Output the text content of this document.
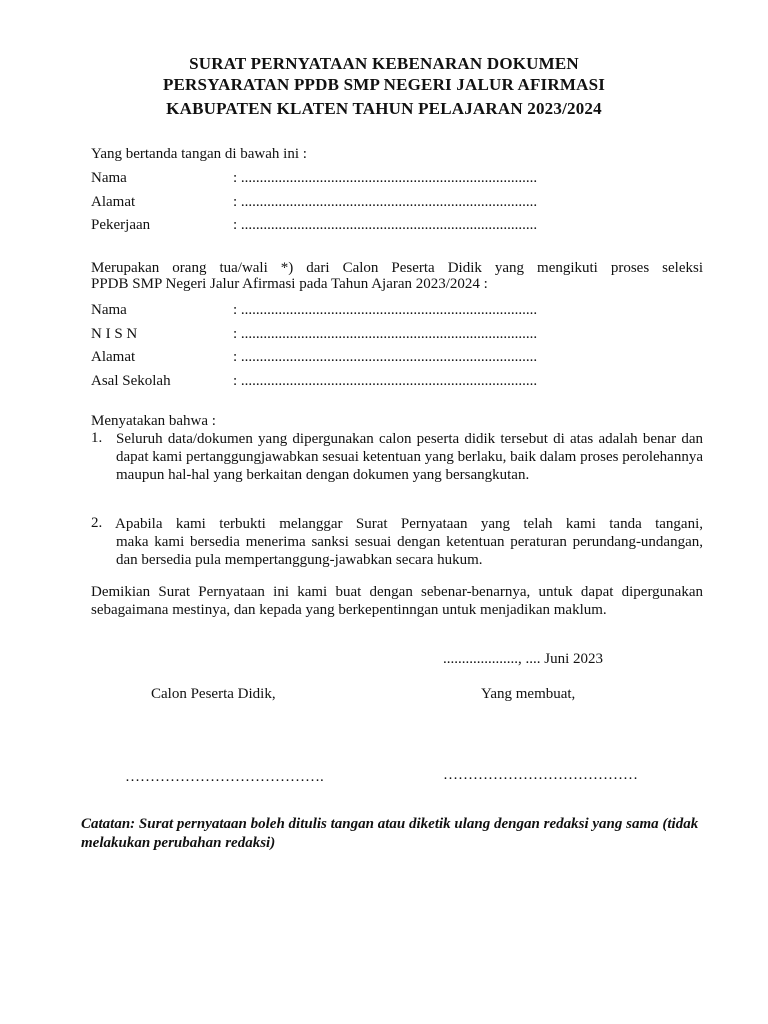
SURAT PERNYATAAN KEBENARAN DOKUMEN
PERSYARATAN PPDB SMP NEGERI JALUR AFIRMASI
KABUPATEN KLATEN TAHUN PELAJARAN 2023/2024
Yang bertanda tangan di bawah ini :
Nama	: ...............................................................................
Alamat	: ...............................................................................
Pekerjaan	: ...............................................................................
Merupakan orang tua/wali *) dari Calon Peserta Didik yang mengikuti proses seleksi
PPDB SMP Negeri Jalur Afirmasi pada Tahun Ajaran 2023/2024 :
Nama	: ...............................................................................
N I S N	: ...............................................................................
Alamat	: ...............................................................................
Asal Sekolah	: ...............................................................................
Menyatakan bahwa :
1. Seluruh data/dokumen yang dipergunakan calon peserta didik tersebut di atas adalah benar dan dapat kami pertanggungjawabkan sesuai ketentuan yang berlaku, baik dalam proses perolehannya maupun hal-hal yang berkaitan dengan dokumen yang bersangkutan.
2. Apabila kami terbukti melanggar Surat Pernyataan yang telah kami tanda tangani,
maka kami bersedia menerima sanksi sesuai dengan ketentuan peraturan perundang-undangan, dan bersedia pula mempertanggung-jawabkan secara hukum.
Demikian Surat Pernyataan ini kami buat dengan sebenar-benarnya, untuk dapat dipergunakan sebagaimana mestinya, dan kepada yang berkepentinngan untuk menjadikan maklum.
...................., .... Juni 2023
Calon Peserta Didik,	Yang membuat,
………………………………….	…………………………………
Catatan: Surat pernyataan boleh ditulis tangan atau diketik ulang dengan redaksi yang sama (tidak melakukan perubahan redaksi)
